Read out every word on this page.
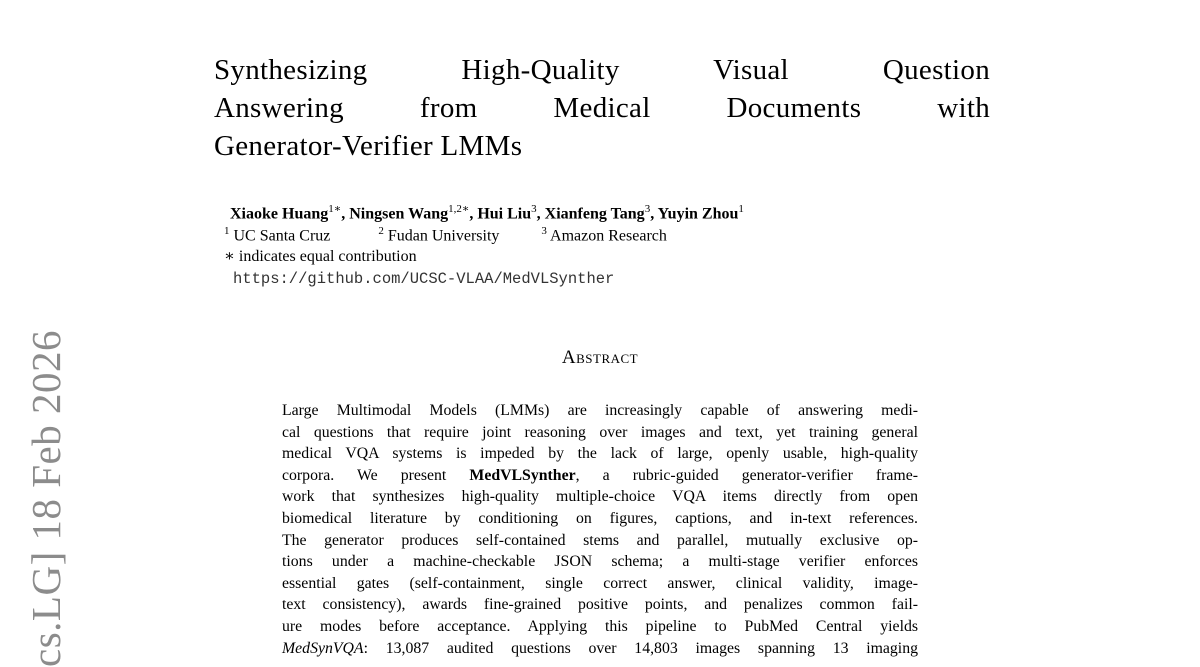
cs.LG] 18 Feb 2026
Synthesizing High-Quality Visual Question
Answering from Medical Documents with
Generator-Verifier LMMs
Xiaoke Huang$^{1∗}$, Ningsen Wang$^{1,2∗}$, Hui Liu$^3$, Xianfeng Tang$^3$, Yuyin Zhou$^1$
$^1$ UC Santa Cruz	$^2$ Fudan University	$^3$ Amazon Research
∗ indicates equal contribution
https://github.com/UCSC-VLAA/MedVLSynther
Abstract
Large Multimodal Models (LMMs) are increasingly capable of answering medi-
cal questions that require joint reasoning over images and text, yet training general
medical VQA systems is impeded by the lack of large, openly usable, high-quality
corpora. We present MedVLSynther, a rubric-guided generator-verifier frame-
work that synthesizes high-quality multiple-choice VQA items directly from open
biomedical literature by conditioning on figures, captions, and in-text references.
The generator produces self-contained stems and parallel, mutually exclusive op-
tions under a machine-checkable JSON schema; a multi-stage verifier enforces
essential gates (self-containment, single correct answer, clinical validity, image-
text consistency), awards fine-grained positive points, and penalizes common fail-
ure modes before acceptance. Applying this pipeline to PubMed Central yields
MedSynVQA: 13,087 audited questions over 14,803 images spanning 13 imaging
